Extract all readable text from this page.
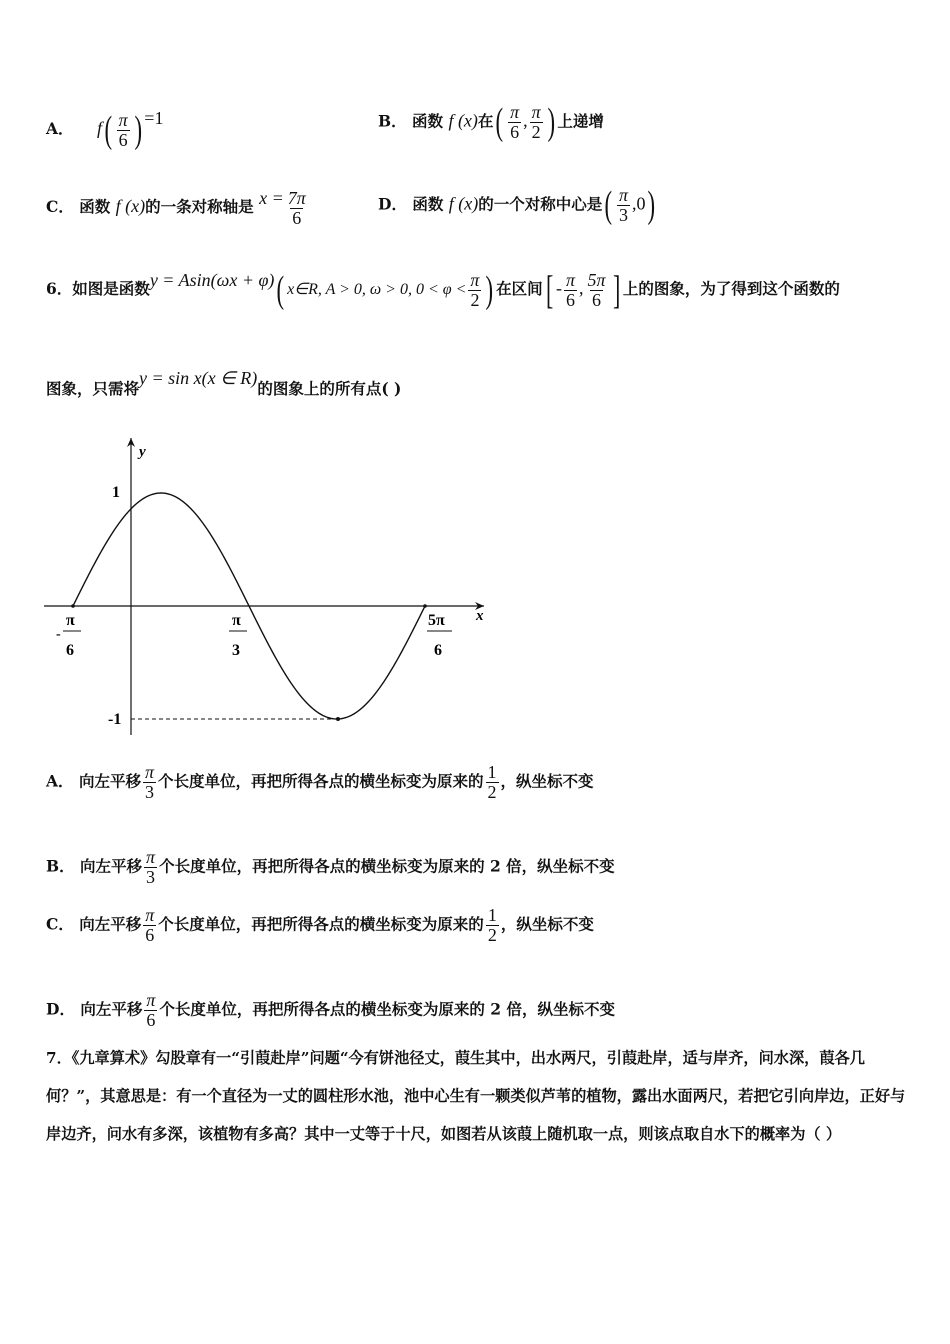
A． $f( \frac{\pi}{6}$ ) =1	B． 函数 f (x)在( $\frac{\pi}{6}$ , $\frac{\pi}{2}$ ) 上递增
C． 函数 f (x)的一条对称轴是 $x = \frac{7\pi}{6}$	D． 函数 f (x)的一个对称中心是( $\frac{\pi}{3} ,0$)
6．如图是函数y = Asin(ωx + φ)( x∈R, A > 0, ω > 0, $0 < \varphi < \frac{\pi}{2}$ ) 在区间[ - $\frac{\pi}{6}$ , $\frac{5\pi}{6}$ ] 上的图象，为了得到这个函数的
图象，只需将y = sin x(x ∈ R)的图象上的所有点( )
y
x
1
-1
-
π
6
π
3
5π
6
A． 向左平移 $\frac{\pi}{3}$ 个长度单位，再把所得各点的横坐标变为原来的 $\frac{1}{2}$ ，纵坐标不变
B． 向左平移 $\frac{\pi}{3}$ 个长度单位，再把所得各点的横坐标变为原来的 2 倍，纵坐标不变
C． 向左平移 $\frac{\pi}{6}$ 个长度单位，再把所得各点的横坐标变为原来的 $\frac{1}{2}$ ，纵坐标不变
D． 向左平移 $\frac{\pi}{6}$ 个长度单位，再把所得各点的横坐标变为原来的 2 倍，纵坐标不变
7．《九章算术》勾股章有一“引葭赴岸”问题“今有饼池径丈，葭生其中，出水两尺，引葭赴岸，适与岸齐，问水深，葭各几何？”，其意思是：有一个直径为一丈的圆柱形水池，池中心生有一颗类似芦苇的植物，露出水面两尺，若把它引向岸边，正好与岸边齐，问水有多深，该植物有多高？其中一丈等于十尺，如图若从该葭上随机取一点，则该点取自水下的概率为（ ）
